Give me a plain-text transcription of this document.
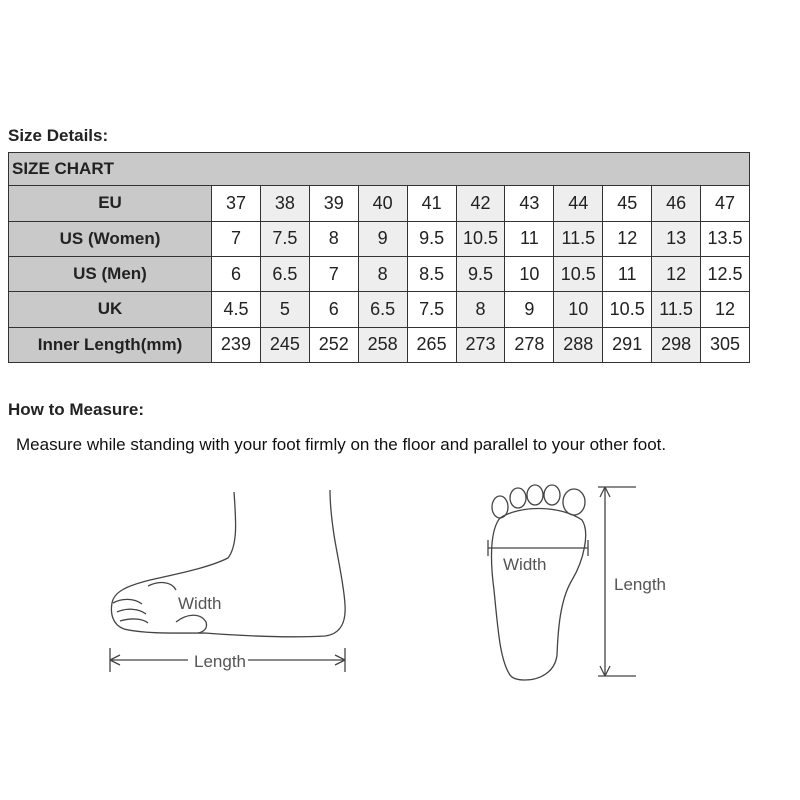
Size Details:
SIZE CHART											
EU	37	38	39	40	41	42	43	44	45	46	47
US (Women)	7	7.5	8	9	9.5	10.5	11	11.5	12	13	13.5
US (Men)	6	6.5	7	8	8.5	9.5	10	10.5	11	12	12.5
UK	4.5	5	6	6.5	7.5	8	9	10	10.5	11.5	12
Inner Length(mm)	239	245	252	258	265	273	278	288	291	298	305
How to Measure:
Measure while standing with your foot firmly on the floor and parallel to your other foot.
Length
Width
Width
Length
